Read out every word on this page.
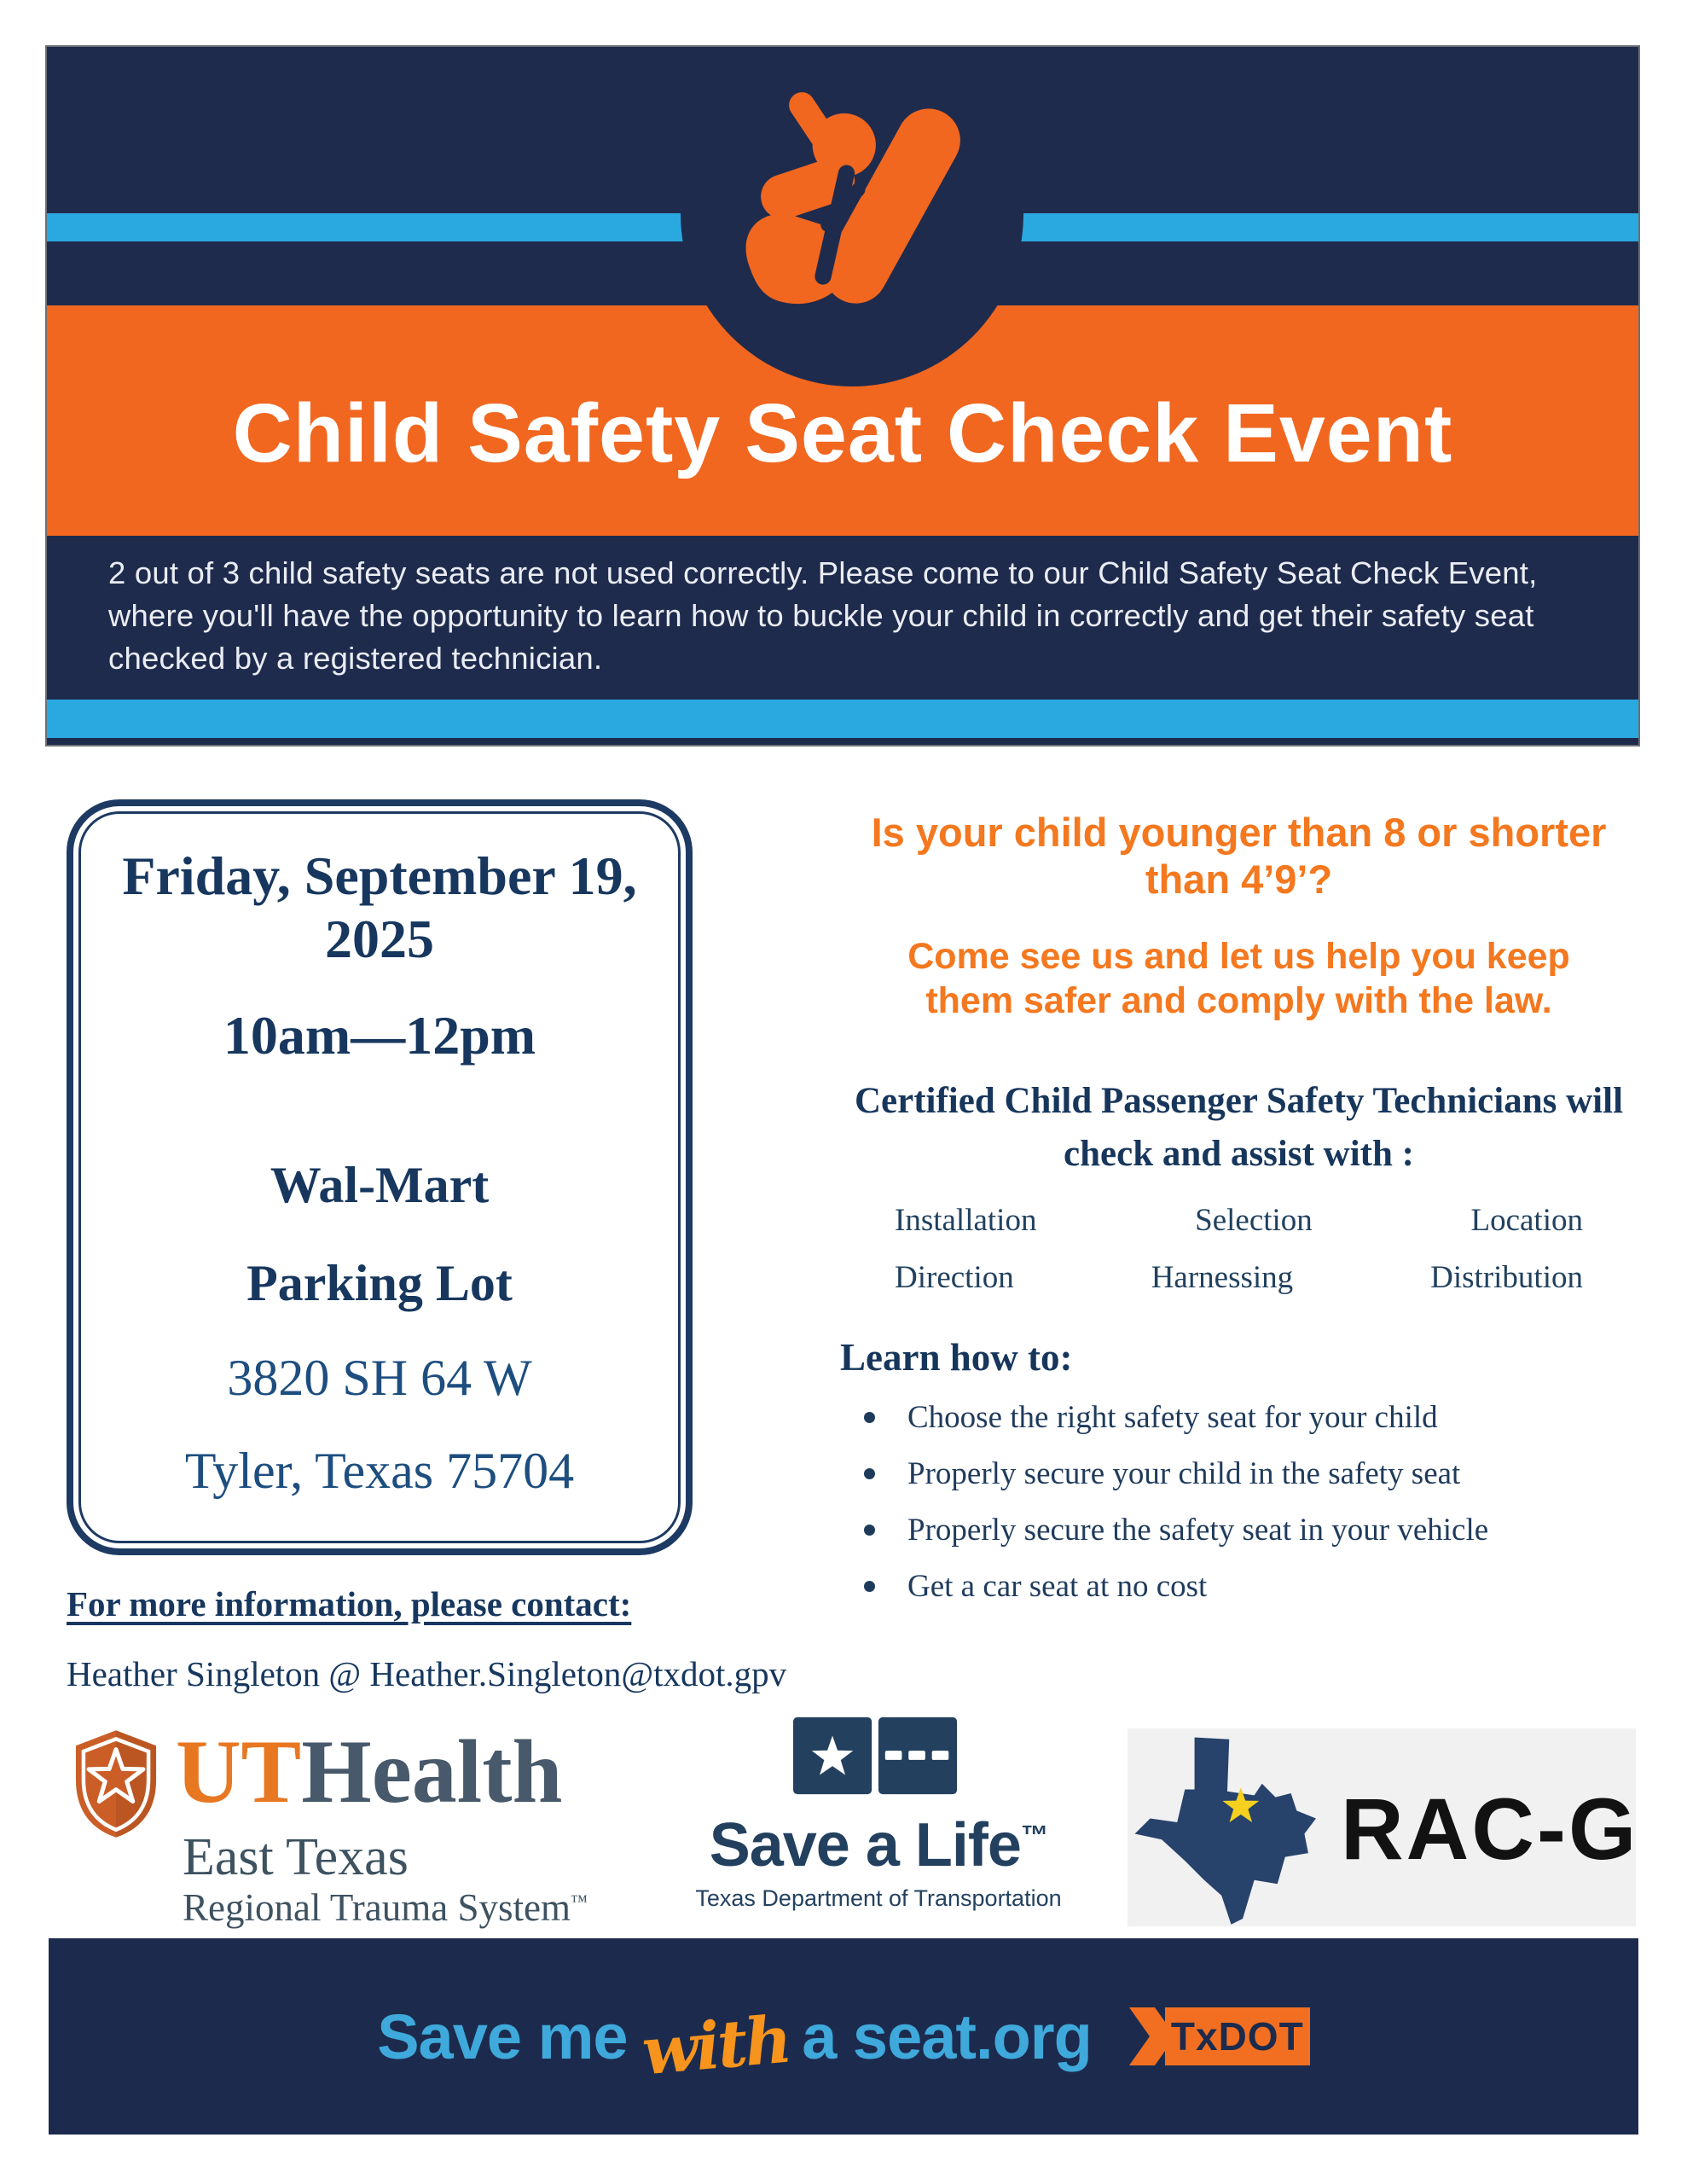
Child Safety Seat Check Event
2 out of 3 child safety seats are not used correctly. Please come to our Child Safety Seat Check Event, where you'll have the opportunity to learn how to buckle your child in correctly and get their safety seat checked by a registered technician.
Friday, September 19,
2025
10am—12pm
Wal-Mart
Parking Lot
3820 SH 64 W
Tyler, Texas 75704
Is your child younger than 8 or shorter than 4’9’?
Come see us and let us help you keep them safer and comply with the law.
Certified Child Passenger Safety Technicians will check and assist with :
Installation	Selection	Location
Direction	Harnessing	Distribution
Learn how to:
Choose the right safety seat for your child
Properly secure your child in the safety seat
Properly secure the safety seat in your vehicle
Get a car seat at no cost
For more information, please contact:
Heather Singleton @ Heather.Singleton@txdot.gpv
UTHealth
East Texas
Regional Trauma System™
Save a Life™
Texas Department of Transportation
RAC-G
Save me with a seat.org TxDOT
